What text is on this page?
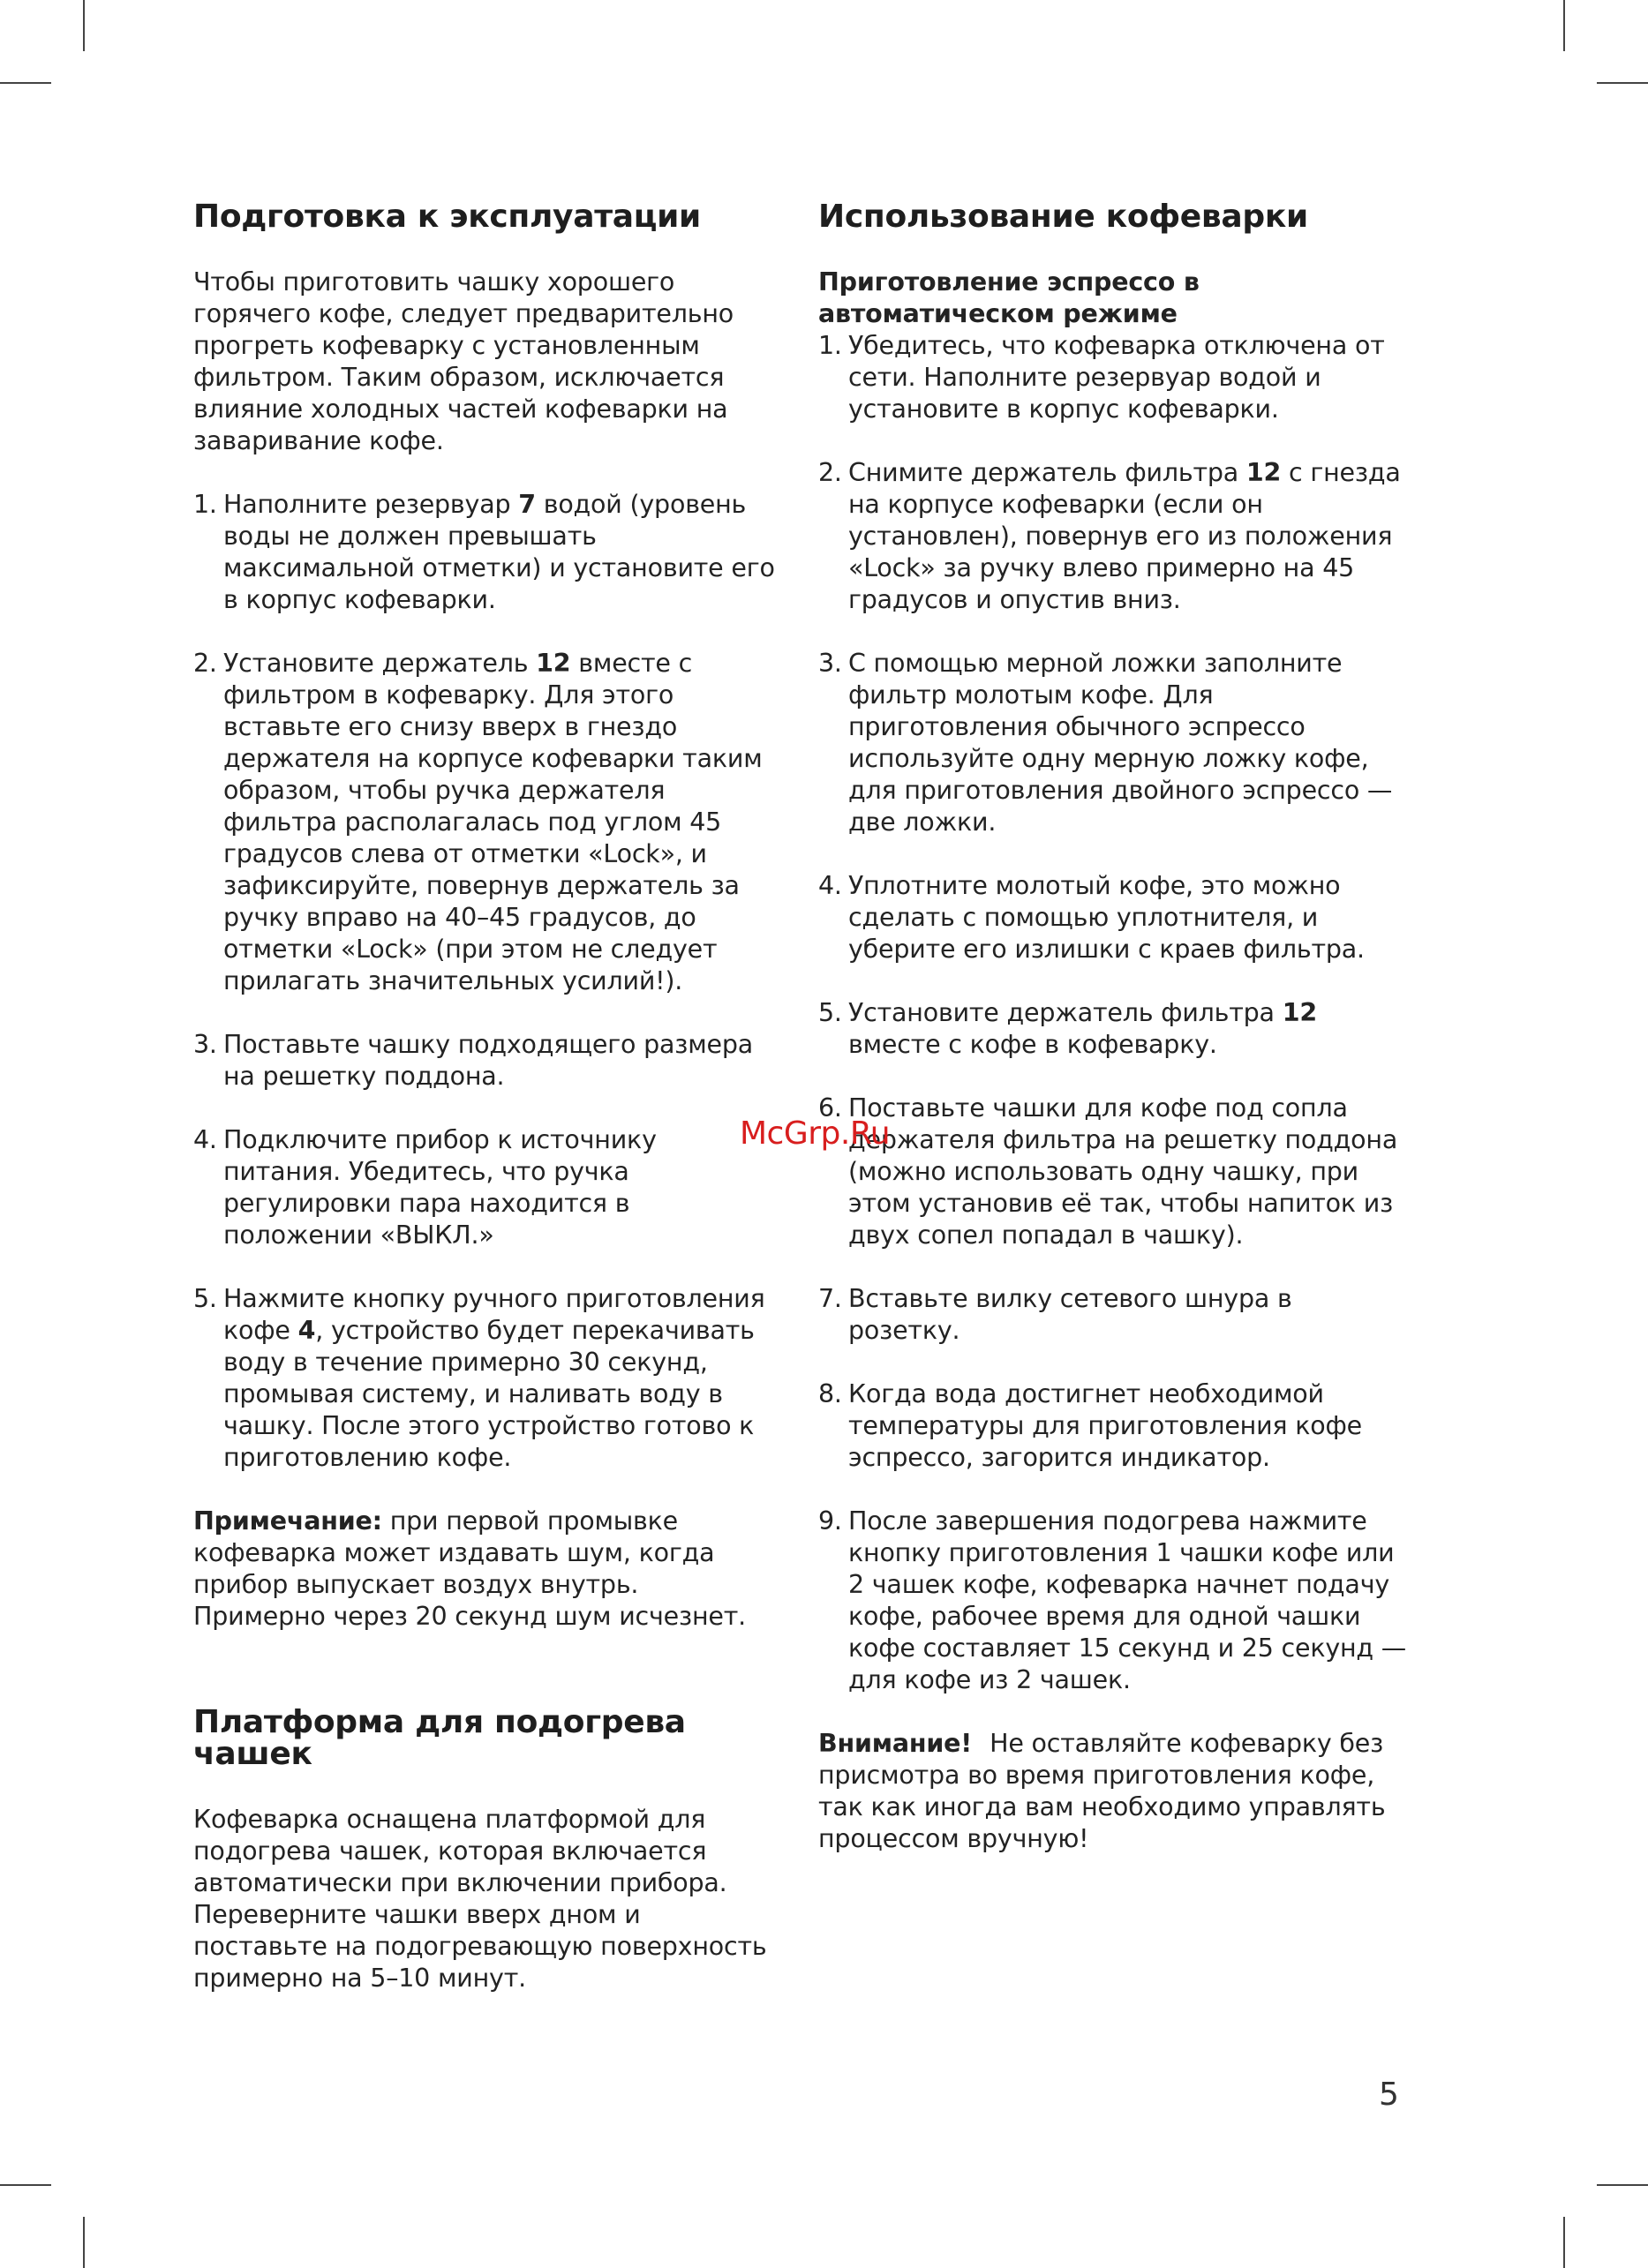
Подготовка к эксплуатации

Чтобы приготовить чашку хорошего горячего кофе, следует предварительно прогреть кофеварку с установленным фильтром. Таким образом, исключается влияние холодных частей кофеварки на заваривание кофе.

1. Наполните резервуар 7 водой (уровень воды не должен превышать максимальной отметки) и установите его в корпус кофеварки.
2. Установите держатель 12 вместе с фильтром в кофеварку. Для этого вставьте его снизу вверх в гнездо держателя на корпусе кофеварки таким образом, чтобы ручка держателя фильтра располагалась под углом 45 градусов слева от отметки «Lock», и зафиксируйте, повернув держатель за ручку вправо на 40–45 градусов, до отметки «Lock» (при этом не следует прилагать значительных усилий!).
3. Поставьте чашку подходящего размера на решетку поддона.
4. Подключите прибор к источнику питания. Убедитесь, что ручка регулировки пара находится в положении «ВЫКЛ.»
5. Нажмите кнопку ручного приготовления кофе 4, устройство будет перекачивать воду в течение примерно 30 секунд, промывая систему, и наливать воду в чашку. После этого устройство готово к приготовлению кофе.

Примечание: при первой промывке кофеварка может издавать шум, когда прибор выпускает воздух внутрь. Примерно через 20 секунд шум исчезнет.

Платформа для подогрева чашек

Кофеварка оснащена платформой для подогрева чашек, которая включается автоматически при включении прибора. Переверните чашки вверх дном и поставьте на подогревающую поверхность примерно на 5–10 минут.

Использование кофеварки

Приготовление эспрессо в автоматическом режиме

1. Убедитесь, что кофеварка отключена от сети. Наполните резервуар водой и установите в корпус кофеварки.
2. Снимите держатель фильтра 12 с гнезда на корпусе кофеварки (если он установлен), повернув его из положения «Lock» за ручку влево примерно на 45 градусов и опустив вниз.
3. С помощью мерной ложки заполните фильтр молотым кофе. Для приготовления обычного эспрессо используйте одну мерную ложку кофе, для приготовления двойного эспрессо — две ложки.
4. Уплотните молотый кофе, это можно сделать с помощью уплотнителя, и уберите его излишки с краев фильтра.
5. Установите держатель фильтра 12 вместе с кофе в кофеварку.
6. Поставьте чашки для кофе под сопла держателя фильтра на решетку поддона (можно использовать одну чашку, при этом установив её так, чтобы напиток из двух сопел попадал в чашку).
7. Вставьте вилку сетевого шнура в розетку.
8. Когда вода достигнет необходимой температуры для приготовления кофе эспрессо, загорится индикатор.
9. После завершения подогрева нажмите кнопку приготовления 1 чашки кофе или 2 чашек кофе, кофеварка начнет подачу кофе, рабочее время для одной чашки кофе составляет 15 секунд и 25 секунд — для кофе из 2 чашек.

Внимание! Не оставляйте кофеварку без присмотра во время приготовления кофе, так как иногда вам необходимо управлять процессом вручную!

McGrp.Ru
5
